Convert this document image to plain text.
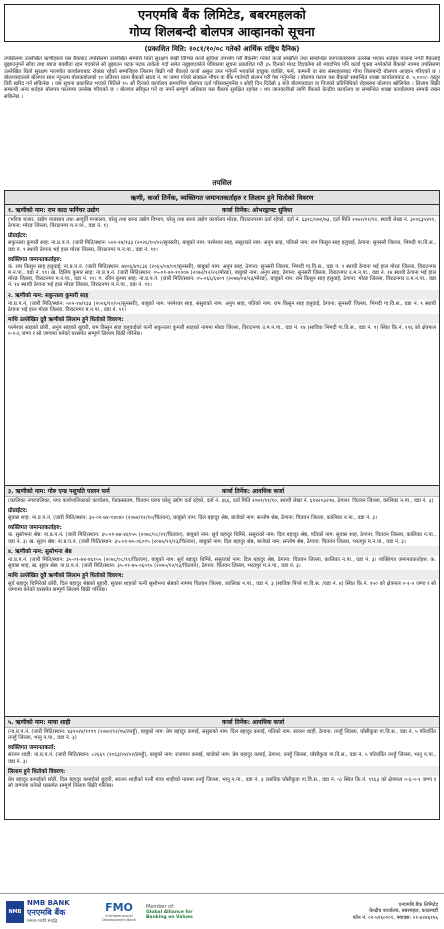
एनएमबि बैंक लिमिटेड, बबरमहलको
गोप्य शिलबन्दी बोलपत्र आव्हानको सूचना
(प्रकाशित मिति: २०८१/१०/०८ गतेको आर्थिक राष्ट्रिय दैनिक)

तपसिलमा उल्लेखित ऋणीहरुले यस बैंकबाट तपसिलमा उल्लेखित सम्पत्ति धितो सुरक्षण राखी विभिन्न कर्जा सुविधा उपभोग गरी बैंकसँग गरेको कर्जा सम्झौता तथा सम्बन्धित कागजातहरुमा उल्लेख भएका शर्तहरु पालना नगरी बैंकलाई बुझाउनुपर्ने साँवा तथा ब्याज बक्यौता रहन गएकोले सो बुझाउन पटक पटक ताकेता गर्दा समेत नबुझाएकोले पत्रिकामा सूचना प्रकाशित गरी ३५ दिनको म्याद दिएकोमा सो म्यादभित्र पनि कर्जा चुक्ता नगरेकोले बैंकको नाममा तपसिलमा उल्लेखित धितो सुरक्षण मालपोत कार्यालयबाट रोक्का रहेको सम्पत्तिहरु लिलाम बिक्री गरी बैंकको कर्जा असुल उपर गर्नुपर्ने भएकोले इच्छुक व्यक्ति, फर्म, कम्पनी वा संघ संस्थाहरुबाट गोप्य शिलबन्दी बोलपत्र आव्हान गरिएको छ । बोलपत्रदाताले बोलपत्र साथ न्यूनतम बोलकबोलको १० प्रतिशत रकम बैंकको खाता नं. मा जम्मा गरेको सक्कल भौचर वा बैंक ग्यारेण्टी संलग्न गरी पेश गर्नुपर्नेछ । बोलपत्र फारम यस बैंकको सम्बन्धित शाखा कार्यालयबाट रु. ५,०००/- दस्तुर तिरी खरिद गर्न सकिनेछ । यस सूचना प्रकाशित भएको मितिले १५ औं दिनको कार्यालय समयभित्र बोलपत्र दर्ता गरिसक्नुपर्नेछ र सोही दिन दिउँसो ३ बजे बोलपत्रदाता वा निजको प्रतिनिधिको रोहबरमा बोलपत्र खोलिनेछ । लिलाम बिक्री सम्बन्धी अन्य शर्तहरु बोलपत्र फारममा उल्लेख गरिएको छ । बोलपत्र स्वीकृत गर्ने वा नगर्ने सम्पूर्ण अधिकार यस बैंकमा सुरक्षित रहनेछ । थप जानकारीको लागि बैंकको केन्द्रीय कार्यालय वा सम्बन्धित शाखा कार्यालयमा सम्पर्क राख्न सकिनेछ ।

तपसिल
ऋणी, कर्जा तिर्नेक, व्यक्तिगत जमानतकर्ताहरु र लिलाम हुने धितोको विवरण
१. ऋणीको नाम: राम काठ फर्निचर उद्योग	कर्जा तिर्नेक: ओभरड्राफ्ट सुविधा
(भरिया बजार, उद्योग व्यवसाय तथा आपूर्ति मन्त्रालय, घरेलु तथा साना उद्योग विभाग, घरेलु तथा साना उद्योग कार्यालय मोरङ, विराटनगरमा दर्ता रहेको, दर्ता नं. ६३२८/०७२/७३, दर्ता मिति २०७२/०१/१२, स्थायी लेखा नं. ३००६३५४९१, ठेगाना: मोरङ जिल्ला, विराटनगर म.न.पा., वडा नं. १)
प्रोप्राईटर:
सकुन्तला कुमारी साह: ना.प्र.प.नं. (जारी मिति/स्थान: ५०२-१७/१३३ (२०२६/१०/०२/सुनसरी), बाबुको नाम: परमेश्वर साह, ससुराको नाम: अनुप साह, पतिको नाम: राम किसुन साह हलुवाई, ठेगाना: सुनसरी जिल्ला, भिमदी गा.वि.स., वडा नं. ९ स्थायी ठेगाना भई हाल मोरङ जिल्ला, विराटनगर म.न.पा., वडा नं. ११।
व्यक्तिगत जमानतकर्ताहरु:
क. राम किसुन साह हलुवाई: ना.प्र.प.नं. (जारी मिति/स्थान: ७४०६/४९८३६ (२०६५/०४/०१/सुनसरी), बाबुको नाम: अनुप साह, ठेगाना: सुनसरी जिल्ला, भिमदी गा.वि.स., वडा नं. ९ स्थायी ठेगाना भई हाल मोरङ जिल्ला, विराटनगर म.न.पा., वडा नं. ११। ख. दिलिप कुमार साह: ना.प्र.प.नं. (जारी मिति/स्थान: ०५-०१-७०-१०००७ (२०७२/१२/२२/मोरङ), बाबुको नाम: अनुप साह, ठेगाना: सुनसरी जिल्ला, विराटनगर उ.म.न.पा., वडा नं. १४ स्थायी ठेगाना भई हाल मोरङ जिल्ला, विराटनगर म.न.पा., वडा नं. ११। ग. रविन कुमार साह: ना.प्र.प.नं. (जारी मिति/स्थान: ०५-०६६/६४०९ (२०७७/०४/२३/मोरङ), बाबुको नाम: राम किसुन साह हलुवाई, ठेगाना: मोरङ जिल्ला, विराटनगर उ.म.न.पा., वडा नं. १४ स्थायी ठेगाना भई हाल मोरङ जिल्ला, विराटनगर म.न.पा., वडा नं. ११।
२. ऋणीको नाम: सकुन्तला कुमारी साह
ना.प्र.प.नं. (जारी मिति/स्थान: ५०२-१७/१३३ (२०२६/१०/०२/सुनसरी), बाबुको नाम: परमेश्वर साह, ससुराको नाम: अनुप साह, पतिको नाम: राम किसुन साह हलुवाई, ठेगाना: सुनसरी जिल्ला, भिमदी गा.वि.स., वडा नं. ९ स्थायी ठेगाना भई हाल मोरङ जिल्ला, विराटनगर म.न.पा., वडा नं. ११।
माथि उल्लेखित दुवै ऋणीको लिलाम हुने धितोको विवरण:
परमेश्वर साहको छोरी, अनुप साहको बुहारी, राम किसुन साह हलुवाईको पत्नी सकुन्तला कुमारी साहको नाममा मोरङ जिल्ला, विराटनगर उ.म.न.पा., वडा नं. १४ (साविक भिमदी गा.वि.स., वडा नं. ९) स्थित कि.नं. १९६ को क्षेत्रफल ०-०-६ जग्गा र सो जग्गामा बनेको घरसमेत सम्पूर्ण लिलाम बिक्री गरिनेछ।
३. ऋणीको नाम: गोरु एन्ड पशुपति पालन फर्म	कर्जा तिर्नेक: आवधिक कर्जा
(कालिका नगरपालिका, नगर कार्यपालिकाको कार्यालय, गेडकस्वतम, चितवन घरमा घरेलु उद्योग दर्ता रहेको, दर्ता नं. ३६६, दर्ता मिति २०७९/११/१०, स्थायी लेखा नं. ६१४२०३२९७, ठेगाना: चितवन जिल्ला, कालिका न.पा., वडा नं. ३)
प्रोप्राईटर:
सुवास शाह: ना.प्र.प.नं. (जारी मिति/स्थान: ३५-०१-७४-१४०४० (२०७४/१२/१०/चितवन), बाबुको नाम: दिल बहादुर श्रेष्ठ, बाजेको नाम: सन्तोष श्रेष्ठ, ठेगाना: चितवन जिल्ला, कालिका न.पा., वडा नं. ३।
व्यक्तिगत जमानतकर्ताहरु:
क. सुसोभना श्रेष्ठ: ना.प्र.प.नं. (जारी मिति/स्थान: ३५-०१-७४-४६१५५ (२०७८/०८/११/चितवन), बाबुको नाम: सुर्य बहादुर थिमिरे, ससुराको नाम: दिल बहादुर श्रेष्ठ, पतिको नाम: सुवास शाह, ठेगाना: चितवन जिल्ला, कालिका न.पा., वडा नं. ३। ख. सुहन श्रेष्ठ: ना.प्र.प.नं. (जारी मिति/स्थान: ३५-०१-७५-०६०१५ (२०७५/१२/१३/चितवन), बाबुको नाम: दिल बहादुर श्रेष्ठ, बाजेको नाम: सन्तोष श्रेष्ठ, ठेगाना: चितवन जिल्ला, भरतपुर म.न.पा., वडा नं. ३।
४. ऋणीको नाम: सुसोभना श्रेष्ठ
ना.प्र.प.नं. (जारी मिति/स्थान: ३५-०१-७४-४६१५५ (२०७८/०८/११/चितवन), बाबुको नाम: सुर्य बहादुर थिमिरे, ससुराको नाम: दिल बहादुर श्रेष्ठ, ठेगाना: चितवन जिल्ला, कालिका न.पा., वडा नं. ३। व्यक्तिगत जमानतकर्ताहरु: क. सुवास शाह, ख. सुहन श्रेष्ठ: ना.प्र.प.नं. (जारी मिति/स्थान: ३५-०१-७५-०६०१५ (२०७५/१२/१३/चितवन), ठेगाना: चितवन जिल्ला, भरतपुर म.न.पा., वडा नं. ३।
माथि उल्लेखित दुवै ऋणीको लिलाम हुने धितोको विवरण:
सुर्य बहादुर थिमिरेको छोरी, दिल बहादुर श्रेष्ठको बुहारी, सुवास शाहको पत्नी सुसोभना श्रेष्ठको नाममा चितवन जिल्ला, कालिका न.पा., वडा नं. ३ (साविक पिप्ले गा.वि.स. /वडा नं. ४) स्थित कि.नं. ९५० को क्षेत्रफल ०-१-० जग्गा र सो जग्गामा बनेको घरसमेत सम्पूर्ण लिलाम बिक्री गरिनेछ।
५. ऋणीको नाम: माया शाही	कर्जा तिर्नेक: आवधिक कर्जा
(ना.प्र.प.नं. (जारी मिति/स्थान: ४३१०२४/११९९ (२०७०/१२/१७/तनहुँ), बाबुको नाम: प्रेम बहादुर कमाई, ससुराको नाम: दिल बहादुर कमाई, पतिको नाम: साजन शाही, ठेगाना: तनहुँ जिल्ला, घाँसीकुवा गा.वि.स., वडा नं. ५ परिवर्तित तनहुँ जिल्ला, भानु न.पा., वडा नं. ३)
व्यक्तिगत जमानतकर्ता:
साजन शाही: ना.प्र.प.नं. (जारी मिति/स्थान: ८२६६९ (२०६३/०४/०२/तनहुँ), बाबुको नाम: राजमान कमाई, बाजेको नाम: प्रेम बहादुर कमाई, ठेगाना: तनहुँ जिल्ला, घाँसीकुवा गा.वि.स., वडा नं. ५ परिवर्तित तनहुँ जिल्ला, भानु न.पा., वडा नं. ३।
लिलाम हुने धितोको विवरण:
प्रेम बहादुर कमाईको छोरी, दिल बहादुर कमाईको बुहारी, साजन शाहीको पत्नी माया शाहीको नाममा तनहुँ जिल्ला, भानु न.पा., वडा नं. ३ (साविक घाँसीकुवा गा.वि.स., वडा नं. ५) स्थित कि.नं. १९६३ को क्षेत्रफल ०-६-०-१ जग्गा र सो जग्गामा बनेको घरसमेत सम्पूर्ण लिलाम बिक्री गरिनेछ।
NMB
NMB BANK
एनएमबि बैंक
सम्भव गराउँदै समृद्धि
FMO
Entrepreneurial Development Bank
Member of:
Global Alliance for Banking on Values
एनएमबि बैंक लिमिटेड
केन्द्रीय कार्यालय, बबरमहल, काठमाडौं
फोन नं. ०१-५९६०००१, फ्याक्स: ०१-४२४६१५६
